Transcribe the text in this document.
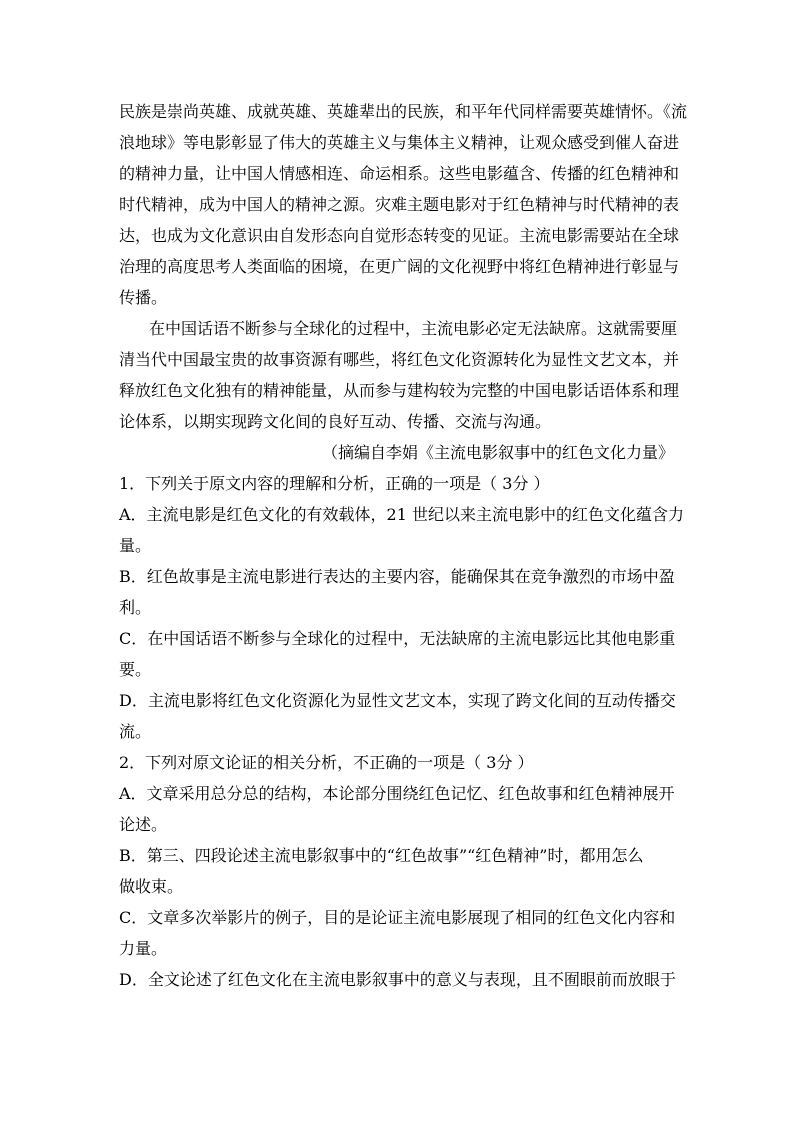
民族是崇尚英雄、成就英雄、英雄辈出的民族，和平年代同样需要英雄情怀。《流
浪地球》等电影彰显了伟大的英雄主义与集体主义精神，让观众感受到催人奋进
的精神力量，让中国人情感相连、命运相系。这些电影蕴含、传播的红色精神和
时代精神，成为中国人的精神之源。灾难主题电影对于红色精神与时代精神的表
达，也成为文化意识由自发形态向自觉形态转变的见证。主流电影需要站在全球
治理的高度思考人类面临的困境，在更广阔的文化视野中将红色精神进行彰显与
传播。
在中国话语不断参与全球化的过程中，主流电影必定无法缺席。这就需要厘
清当代中国最宝贵的故事资源有哪些，将红色文化资源转化为显性文艺文本，并
释放红色文化独有的精神能量，从而参与建构较为完整的中国电影话语体系和理
论体系，以期实现跨文化间的良好互动、传播、交流与沟通。
（摘编自李娟《主流电影叙事中的红色文化力量》
1．下列关于原文内容的理解和分析，正确的一项是（ 3分 ）
A．主流电影是红色文化的有效载体，21 世纪以来主流电影中的红色文化蕴含力
量。
B．红色故事是主流电影进行表达的主要内容，能确保其在竞争激烈的市场中盈
利。
C．在中国话语不断参与全球化的过程中，无法缺席的主流电影远比其他电影重
要。
D．主流电影将红色文化资源化为显性文艺文本，实现了跨文化间的互动传播交
流。
2．下列对原文论证的相关分析，不正确的一项是（ 3分 ）
A．文章采用总分总的结构，本论部分围绕红色记忆、红色故事和红色精神展开
论述。
B．第三、四段论述主流电影叙事中的“红色故事”“红色精神”时，都用怎么
做收束。
C．文章多次举影片的例子，目的是论证主流电影展现了相同的红色文化内容和
力量。
D．全文论述了红色文化在主流电影叙事中的意义与表现，且不囿眼前而放眼于
